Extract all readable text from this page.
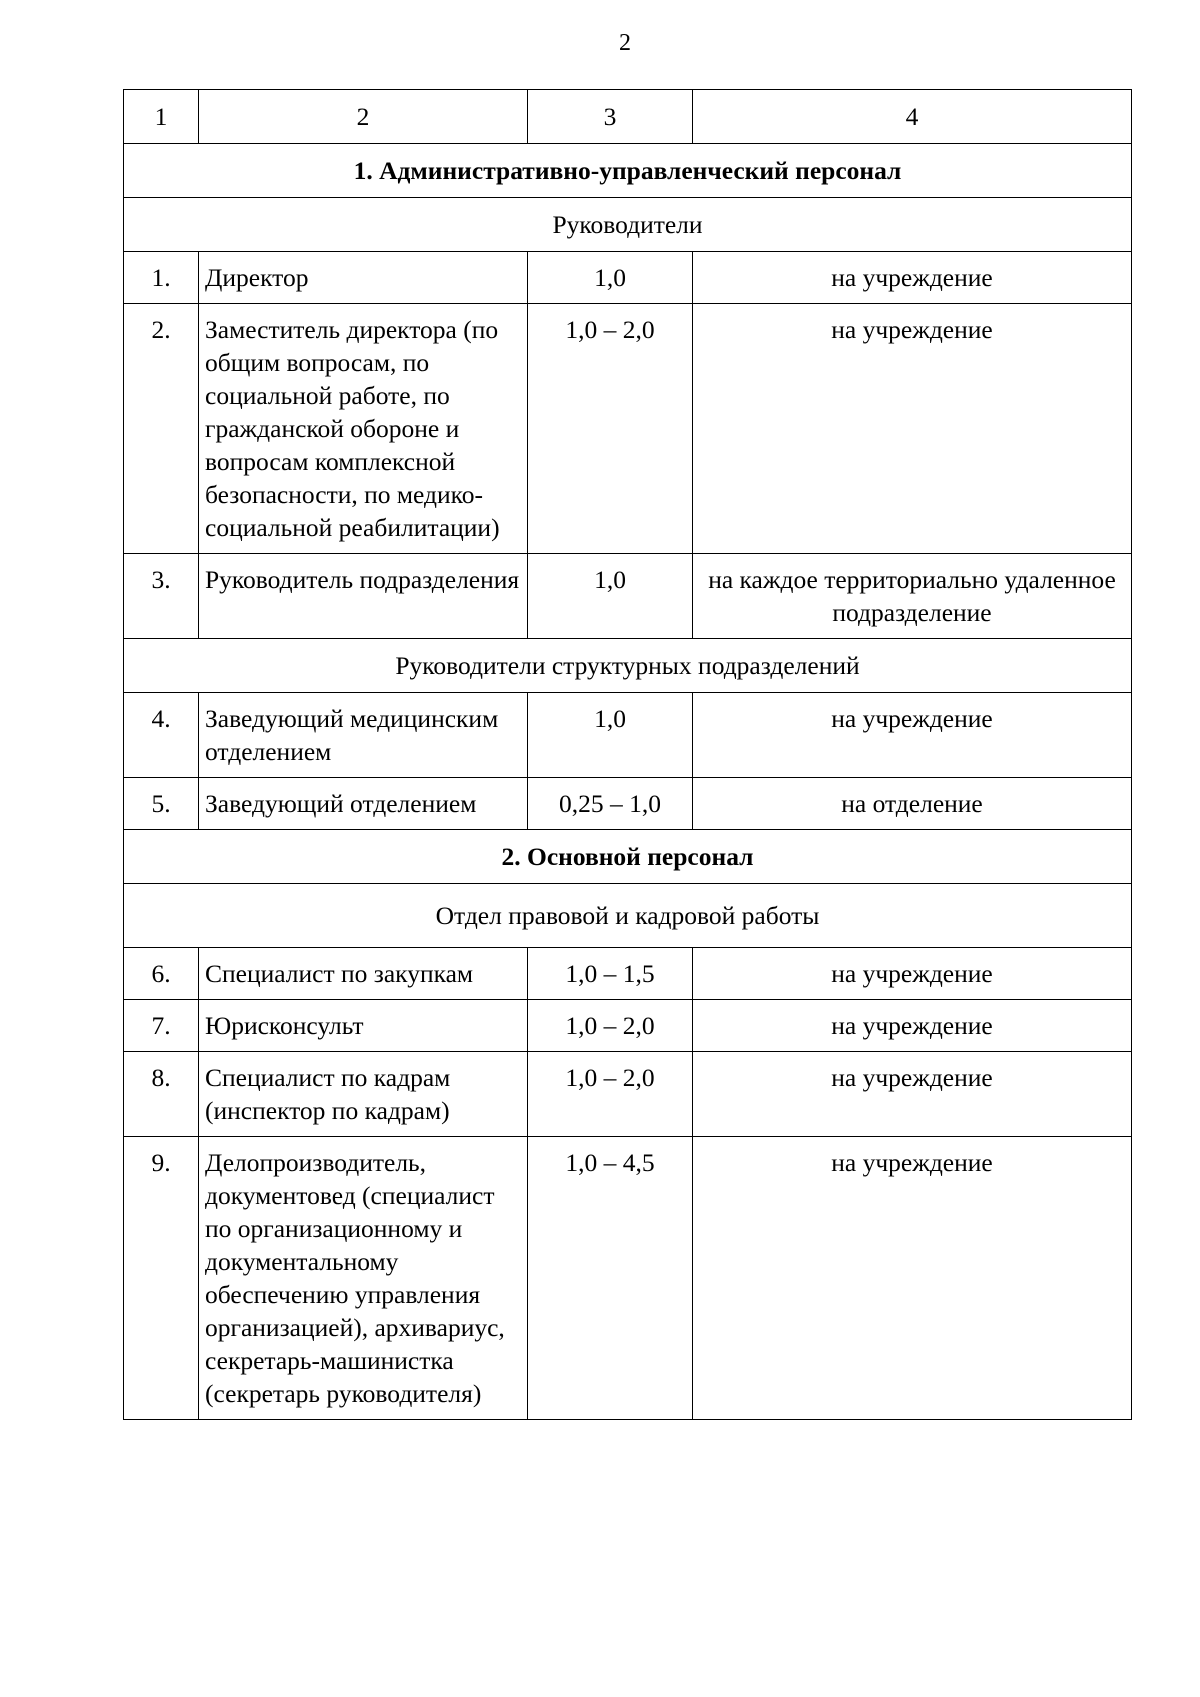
2
1	2	3	4
1. Административно-управленческий персонал			
Руководители			
1.	Директор	1,0	на учреждение
2.	Заместитель директора (по общим вопросам, по социальной работе, по гражданской обороне и вопросам комплексной безопасности, по медико-социальной реабилитации)	1,0 – 2,0	на учреждение
3.	Руководитель подразделения	1,0	на каждое территориально удаленное подразделение
Руководители структурных подразделений			
4.	Заведующий медицинским отделением	1,0	на учреждение
5.	Заведующий отделением	0,25 – 1,0	на отделение
2. Основной персонал			
Отдел правовой и кадровой работы			
6.	Специалист по закупкам	1,0 – 1,5	на учреждение
7.	Юрисконсульт	1,0 – 2,0	на учреждение
8.	Специалист по кадрам (инспектор по кадрам)	1,0 – 2,0	на учреждение
9.	Делопроизводитель, документовед (специалист по организационному и документальному обеспечению управления организацией), архивариус, секретарь-машинистка (секретарь руководителя)	1,0 – 4,5	на учреждение
